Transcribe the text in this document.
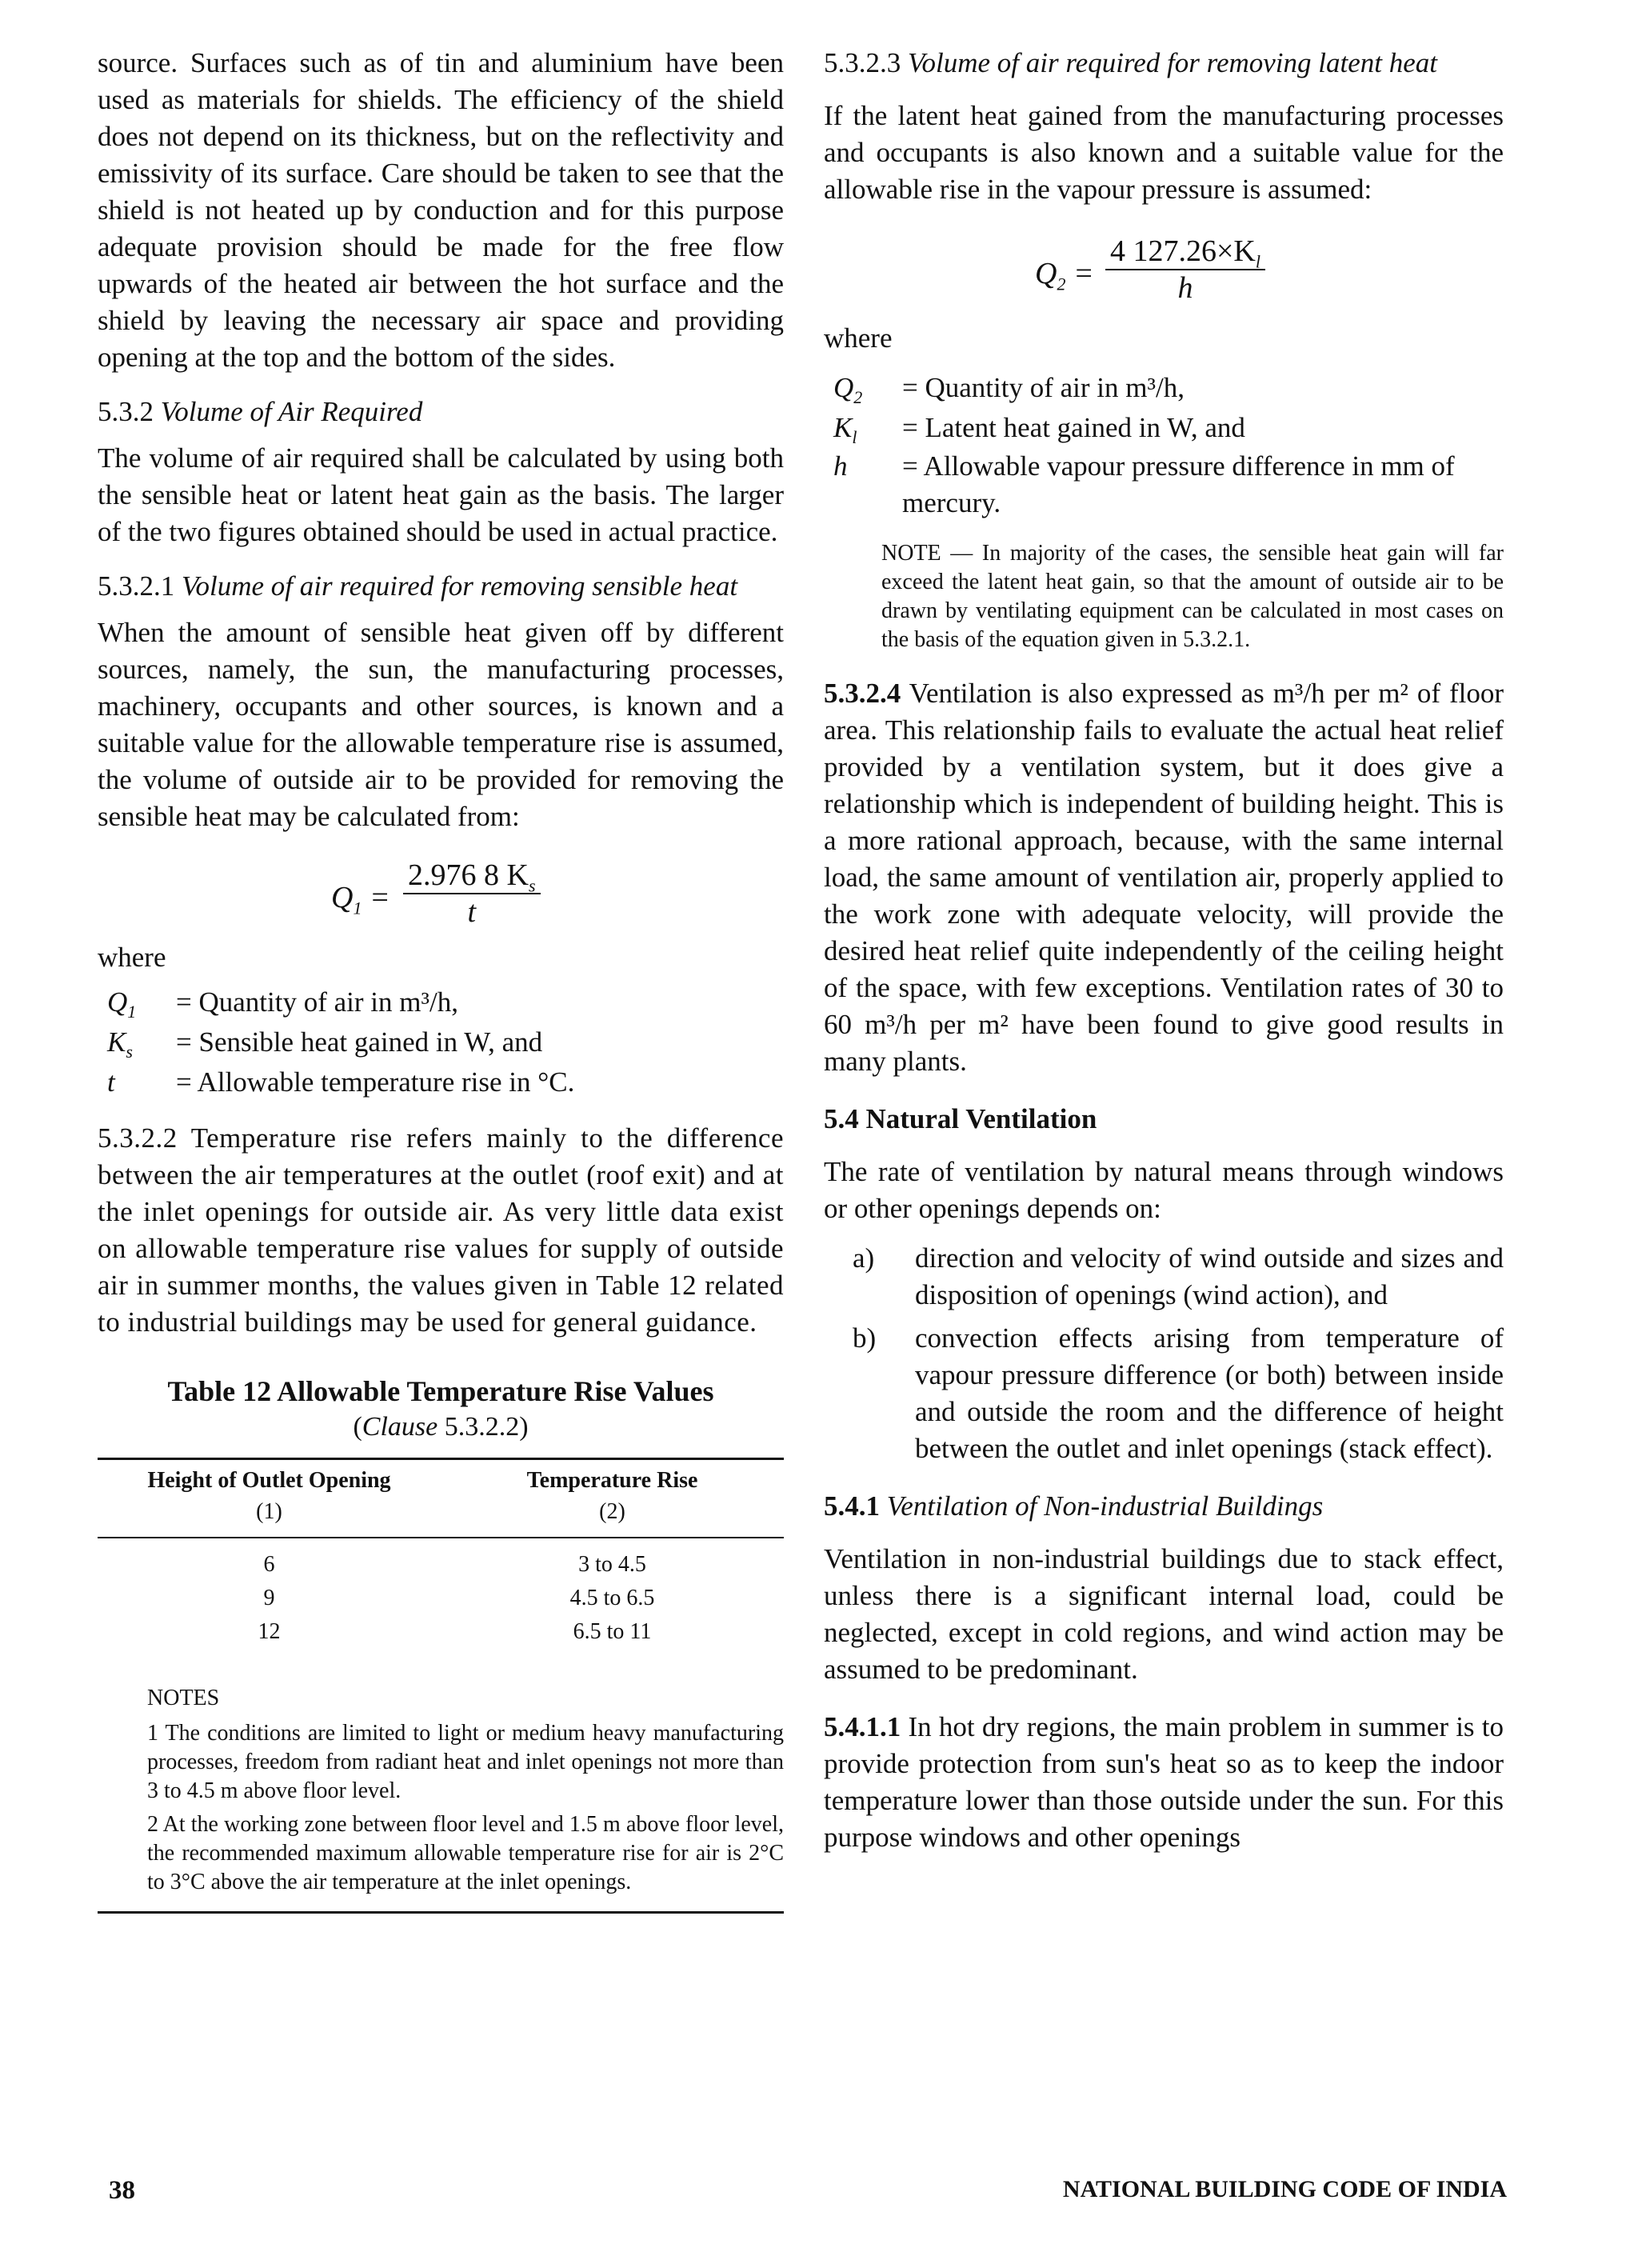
source. Surfaces such as of tin and aluminium have been used as materials for shields. The efficiency of the shield does not depend on its thickness, but on the reflectivity and emissivity of its surface. Care should be taken to see that the shield is not heated up by conduction and for this purpose adequate provision should be made for the free flow upwards of the heated air between the hot surface and the shield by leaving the necessary air space and providing opening at the top and the bottom of the sides.

5.3.2 Volume of Air Required

The volume of air required shall be calculated by using both the sensible heat or latent heat gain as the basis. The larger of the two figures obtained should be used in actual practice.

5.3.2.1 Volume of air required for removing sensible heat

When the amount of sensible heat given off by different sources, namely, the sun, the manufacturing processes, machinery, occupants and other sources, is known and a suitable value for the allowable temperature rise is assumed, the volume of outside air to be provided for removing the sensible heat may be calculated from:

$Q_1 = \frac{2.976 8 K_s}{t}$

where

$Q_1$	= Quantity of air in m³/h,
$K_s$	= Sensible heat gained in W, and
t	= Allowable temperature rise in °C.

5.3.2.2 Temperature rise refers mainly to the difference between the air temperatures at the outlet (roof exit) and at the inlet openings for outside air. As very little data exist on allowable temperature rise values for supply of outside air in summer months, the values given in Table 12 related to industrial buildings may be used for general guidance.

Table 12 Allowable Temperature Rise Values
(Clause 5.3.2.2)
Height of Outlet Opening	Temperature Rise
(1)	(2)
6	3 to 4.5
9	4.5 to 6.5
12	6.5 to 11

NOTES

1 The conditions are limited to light or medium heavy manufacturing processes, freedom from radiant heat and inlet openings not more than 3 to 4.5 m above floor level.

2 At the working zone between floor level and 1.5 m above floor level, the recommended maximum allowable temperature rise for air is 2°C to 3°C above the air temperature at the inlet openings.

5.3.2.3 Volume of air required for removing latent heat

If the latent heat gained from the manufacturing processes and occupants is also known and a suitable value for the allowable rise in the vapour pressure is assumed:

$Q_2 = \frac{4 127.26\times K_l}{h}$

where

$Q_2$	= Quantity of air in m³/h,
$K_l$	= Latent heat gained in W, and
h	= Allowable vapour pressure difference in mm of mercury.

NOTE — In majority of the cases, the sensible heat gain will far exceed the latent heat gain, so that the amount of outside air to be drawn by ventilating equipment can be calculated in most cases on the basis of the equation given in 5.3.2.1.

5.3.2.4 Ventilation is also expressed as m³/h per m² of floor area. This relationship fails to evaluate the actual heat relief provided by a ventilation system, but it does give a relationship which is independent of building height. This is a more rational approach, because, with the same internal load, the same amount of ventilation air, properly applied to the work zone with adequate velocity, will provide the desired heat relief quite independently of the ceiling height of the space, with few exceptions. Ventilation rates of 30 to 60 m³/h per m² have been found to give good results in many plants.

5.4 Natural Ventilation

The rate of ventilation by natural means through windows or other openings depends on:

a)	direction and velocity of wind outside and sizes and disposition of openings (wind action), and
b)	convection effects arising from temperature of vapour pressure difference (or both) between inside and outside the room and the difference of height between the outlet and inlet openings (stack effect).

5.4.1 Ventilation of Non-industrial Buildings

Ventilation in non-industrial buildings due to stack effect, unless there is a significant internal load, could be neglected, except in cold regions, and wind action may be assumed to be predominant.

5.4.1.1 In hot dry regions, the main problem in summer is to provide protection from sun's heat so as to keep the indoor temperature lower than those outside under the sun. For this purpose windows and other openings

38	NATIONAL BUILDING CODE OF INDIA
